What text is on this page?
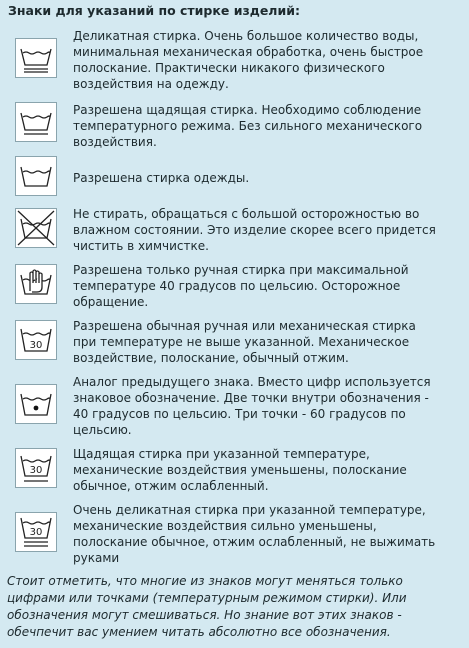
Знаки для указаний по стирке изделий:
Деликатная стирка. Очень большое количество воды,
минимальная механическая обработка, очень быстрое
полоскание. Практически никакого физического
воздействия на одежду.
Разрешена щадящая стирка. Необходимо соблюдение
температурного режима. Без сильного механического
воздействия.
Разрешена стирка одежды.
Не стирать, обращаться с большой осторожностью во
влажном состоянии. Это изделие скорее всего придется
чистить в химчистке.
Разрешена только ручная стирка при максимальной
температуре 40 градусов по цельсию. Осторожное
обращение.
30
Разрешена обычная ручная или механическая стирка
при температуре не выше указанной. Механическое
воздействие, полоскание, обычный отжим.
Аналог предыдущего знака. Вместо цифр используется
знаковое обозначение. Две точки внутри обозначения -
40 градусов по цельсию. Три точки - 60 градусов по
цельсию.
30
Щадящая стирка при указанной температуре,
механические воздействия уменьшены, полоскание
обычное, отжим ослабленный.
30
Очень деликатная стирка при указанной температуре,
механические воздействия сильно уменьшены,
полоскание обычное, отжим ослабленный, не выжимать
руками
Стоит отметить, что многие из знаков могут меняться только
цифрами или точками (температурным режимом стирки). Или
обозначения могут смешиваться. Но знание вот этих знаков -
обечпечит вас умением читать абсолютно все обозначения.
